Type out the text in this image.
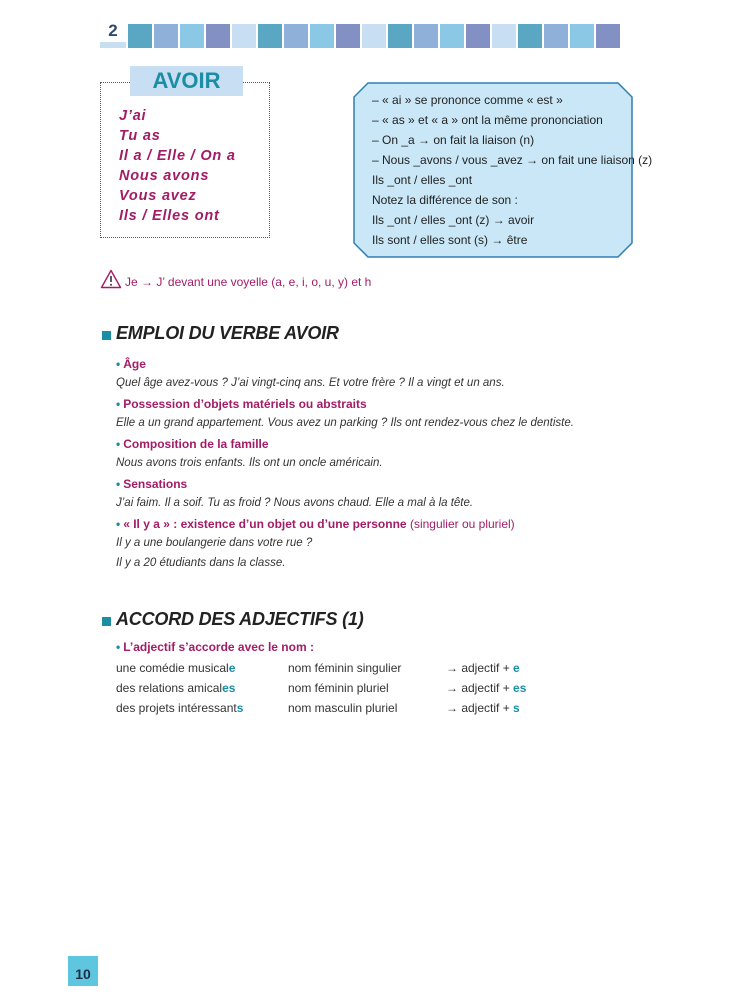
2
AVOIR
J’ai
Tu as
Il a / Elle / On a
Nous avons
Vous avez
Ils / Elles ont
– « ai » se prononce comme « est »
– « as » et « a » ont la même prononciation
– On _a → on fait la liaison (n)
– Nous _avons / vous _avez → on fait une liaison (z)
Ils _ont / elles _ont
Notez la différence de son :
Ils _ont / elles _ont (z) → avoir
Ils sont / elles sont (s) → être
Je → J’ devant une voyelle (a, e, i, o, u, y) et h
EMPLOI DU VERBE AVOIR
• Âge
Quel âge avez-vous ? J’ai vingt-cinq ans. Et votre frère ? Il a vingt et un ans.
• Possession d’objets matériels ou abstraits
Elle a un grand appartement. Vous avez un parking ? Ils ont rendez-vous chez le dentiste.
• Composition de la famille
Nous avons trois enfants. Ils ont un oncle américain.
• Sensations
J’ai faim. Il a soif. Tu as froid ? Nous avons chaud. Elle a mal à la tête.
• « Il y a » : existence d’un objet ou d’une personne (singulier ou pluriel)
Il y a une boulangerie dans votre rue ?
Il y a 20 étudiants dans la classe.
ACCORD DES ADJECTIFS (1)
• L’adjectif s’accorde avec le nom :
une comédie musicale	nom féminin singulier	→ adjectif + e
des relations amicales	nom féminin pluriel	→ adjectif + es
des projets intéressants	nom masculin pluriel	→ adjectif + s
10
